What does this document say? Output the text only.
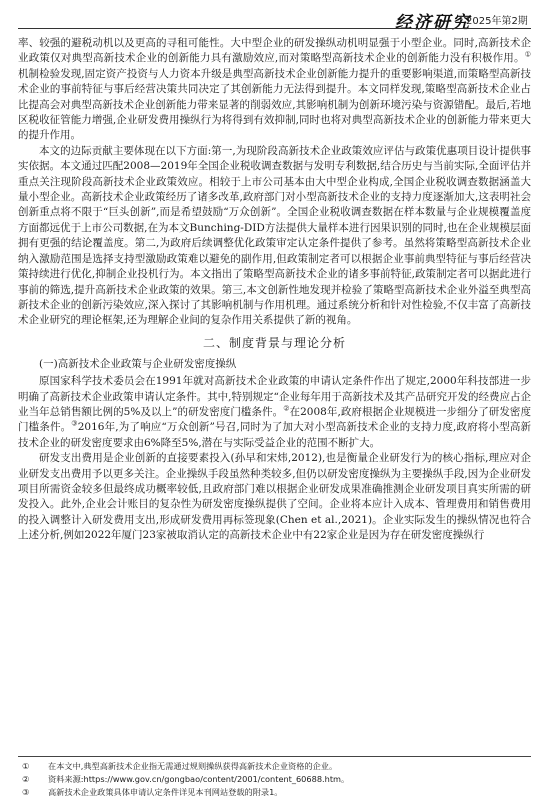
经济研究
2025年第2期

率、较强的避税动机以及更高的寻租可能性。大中型企业的研发操纵动机明显强于小型企业。同时,高新技术企业政策仅对典型高新技术企业的创新能力具有激励效应,而对策略型高新技术企业的创新能力没有积极作用。①机制检验发现,固定资产投资与人力资本升级是典型高新技术企业创新能力提升的重要影响渠道,而策略型高新技术企业的事前特征与事后经营决策共同决定了其创新能力无法得到提升。本文同样发现,策略型高新技术企业占比提高会对典型高新技术企业创新能力带来显著的削弱效应,其影响机制为创新环境污染与资源错配。最后,若地区税收征管能力增强,企业研发费用操纵行为将得到有效抑制,同时也将对典型高新技术企业的创新能力带来更大的提升作用。

本文的边际贡献主要体现在以下方面:第一,为现阶段高新技术企业政策效应评估与政策优惠项目设计提供事实依据。本文通过匹配2008—2019年全国企业税收调查数据与发明专利数据,结合历史与当前实际,全面评估并重点关注现阶段高新技术企业政策效应。相较于上市公司基本由大中型企业构成,全国企业税收调查数据涵盖大量小型企业。高新技术企业政策经历了诸多改革,政府部门对小型高新技术企业的支持力度逐渐加大,这表明社会创新重点将不限于“巨头创新”,而是希望鼓励“万众创新”。全国企业税收调查数据在样本数量与企业规模覆盖度方面都远优于上市公司数据,在为本文Bunching-DID方法提供大量样本进行因果识别的同时,也在企业规模层面拥有更强的结论覆盖度。第二,为政府后续调整优化政策审定认定条件提供了参考。虽然将策略型高新技术企业纳入激励范围是选择支持型激励政策难以避免的副作用,但政策制定者可以根据企业事前典型特征与事后经营决策持续进行优化,抑制企业投机行为。本文指出了策略型高新技术企业的诸多事前特征,政策制定者可以据此进行事前的筛选,提升高新技术企业政策的效果。第三,本文创新性地发现并检验了策略型高新技术企业外溢至典型高新技术企业的创新污染效应,深入探讨了其影响机制与作用机理。通过系统分析和针对性检验,不仅丰富了高新技术企业研究的理论框架,还为理解企业间的复杂作用关系提供了新的视角。

二、制度背景与理论分析
(一)高新技术企业政策与企业研发密度操纵

原国家科学技术委员会在1991年就对高新技术企业政策的申请认定条件作出了规定,2000年科技部进一步明确了高新技术企业政策申请认定条件。其中,特别规定“企业每年用于高新技术及其产品研究开发的经费应占企业当年总销售额比例的5%及以上”的研发密度门槛条件。②在2008年,政府根据企业规模进一步细分了研发密度门槛条件。③2016年,为了响应“万众创新”号召,同时为了加大对小型高新技术企业的支持力度,政府将小型高新技术企业的研发密度要求由6%降至5%,潜在与实际受益企业的范围不断扩大。

研发支出费用是企业创新的直接要素投入(孙早和宋炜,2012),也是衡量企业研发行为的核心指标,理应对企业研发支出费用予以更多关注。企业操纵手段虽然种类较多,但仍以研发密度操纵为主要操纵手段,因为企业研发项目所需资金较多但最终成功概率较低,且政府部门难以根据企业研发成果准确推测企业研发项目真实所需的研发投入。此外,企业会计账目的复杂性为研发密度操纵提供了空间。企业将本应计入成本、管理费用和销售费用的投入调整计入研发费用支出,形成研发费用再标签现象(Chen et al.,2021)。企业实际发生的操纵情况也符合上述分析,例如2022年厦门23家被取消认定的高新技术企业中有22家企业是因为存在研发密度操纵行

① 在本文中,典型高新技术企业指无需通过规则操纵获得高新技术企业资格的企业。

② 资料来源:https://www.gov.cn/gongbao/content/2001/content_60688.htm。

③ 高新技术企业政策具体申请认定条件详见本刊网站登载的附录1。
